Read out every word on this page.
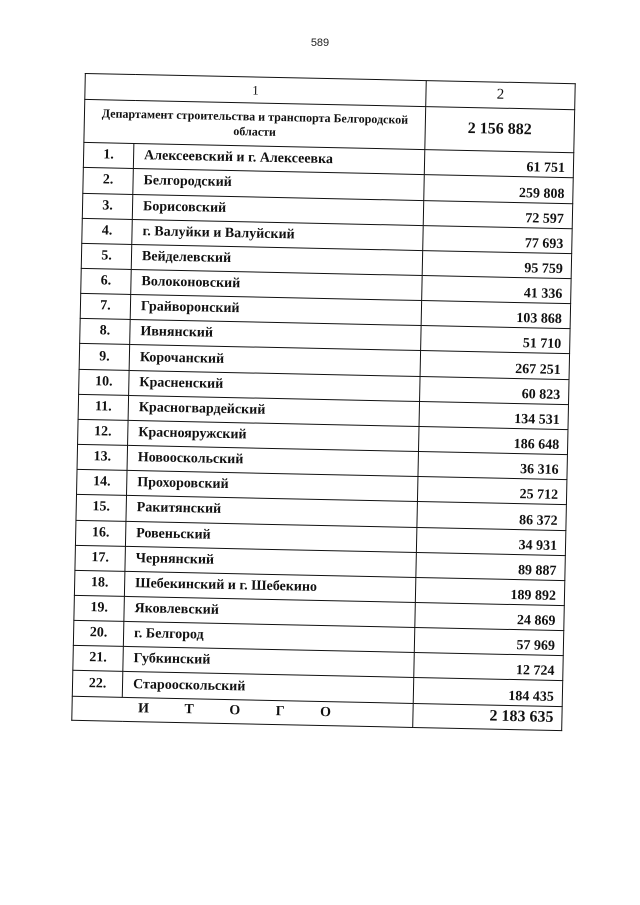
589
1		2
Департамент строительства и транспорта Белгородской области		2 156 882
1.	Алексеевский и г. Алексеевка	61 751
2.	Белгородский	259 808
3.	Борисовский	72 597
4.	г. Валуйки и Валуйский	77 693
5.	Вейделевский	95 759
6.	Волоконовский	41 336
7.	Грайворонский	103 868
8.	Ивнянский	51 710
9.	Корочанский	267 251
10.	Красненский	60 823
11.	Красногвардейский	134 531
12.	Краснояружский	186 648
13.	Новооскольский	36 316
14.	Прохоровский	25 712
15.	Ракитянский	86 372
16.	Ровеньский	34 931
17.	Чернянский	89 887
18.	Шебекинский и г. Шебекино	189 892
19.	Яковлевский	24 869
20.	г. Белгород	57 969
21.	Губкинский	12 724
22.	Старооскольский	184 435
И Т О Г О		2 183 635
